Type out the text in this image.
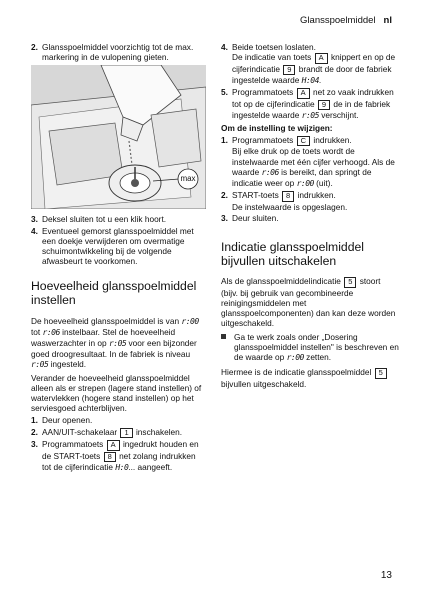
Glansspoelmiddel nl
2. Glansspoelmiddel voorzichtig tot de max. markering in de vulopening gieten.
max
3. Deksel sluiten tot u een klik hoort.
4. Eventueel gemorst glansspoelmiddel met een doekje verwijderen om overmatige schuimontwikkeling bij de volgende afwasbeurt te voorkomen.
Hoeveelheid glansspoelmiddel instellen

De hoeveelheid glansspoelmiddel is van r:00 tot r:06 instelbaar. Stel de hoeveelheid waswerzachter in op r:05 voor een bijzonder goed droogresultaat. In de fabriek is niveau r:05 ingesteld.

Verander de hoeveelheid glansspoelmiddel alleen als er strepen (lagere stand instellen) of watervlekken (hogere stand instellen) op het serviesgoed achterblijven.

1. Deur openen.
2. AAN/UIT-schakelaar 1 inschakelen.
3. Programmatoets A ingedrukt houden en de START-toets 8 net zolang indrukken tot de cijferindicatie H:0... aangeeft.
4. Beide toetsen loslaten.
De indicatie van toets A knippert en op de cijferindicatie 9 brandt de door de fabriek ingestelde waarde H:04.
5. Programmatoets A net zo vaak indrukken tot op de cijferindicatie 9 de in de fabriek ingestelde waarde r:05 verschijnt.
Om de instelling te wijzigen:
1. Programmatoets C indrukken.
Bij elke druk op de toets wordt de instelwaarde met één cijfer verhoogd. Als de waarde r:06 is bereikt, dan springt de indicatie weer op r:00 (uit).
2. START-toets 8 indrukken.
De instelwaarde is opgeslagen.
3. Deur sluiten.
Indicatie glansspoelmiddel bijvullen uitschakelen

Als de glansspoelmiddelindicatie 5 stoort (bijv. bij gebruik van gecombineerde reinigingsmiddelen met glansspoelcomponenten) dan kan deze worden uitgeschakeld.

Ga te werk zoals onder „Dosering glansspoelmiddel instellen" is beschreven en de waarde op r:00 zetten.

Hiermee is de indicatie glansspoelmiddel 5 bijvullen uitgeschakeld.

13
